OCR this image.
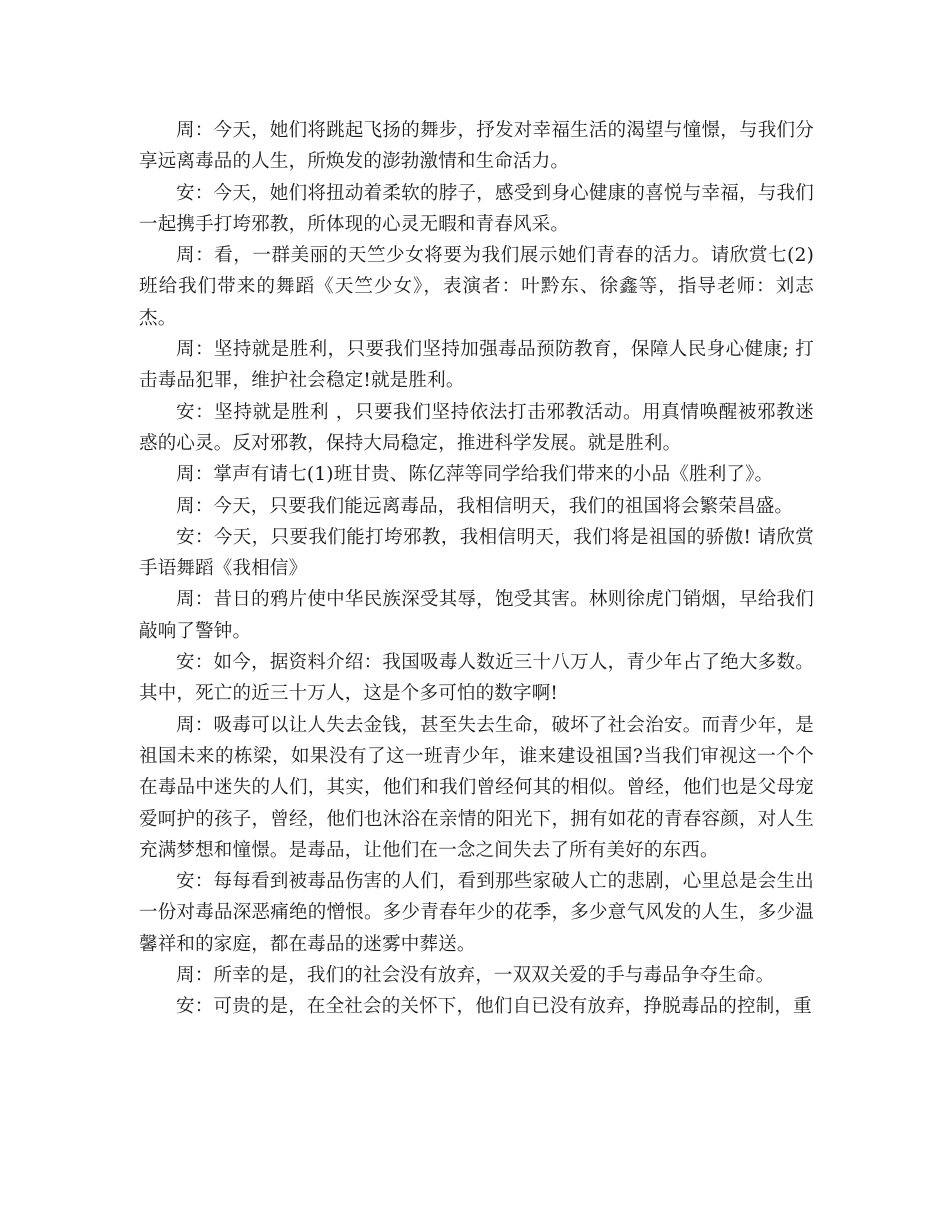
周：今天，她们将跳起飞扬的舞步，抒发对幸福生活的渴望与憧憬，与我们分享远离毒品的人生，所焕发的澎勃激情和生命活力。

安：今天，她们将扭动着柔软的脖子，感受到身心健康的喜悦与幸福，与我们一起携手打垮邪教，所体现的心灵无暇和青春风采。

周：看，一群美丽的天竺少女将要为我们展示她们青春的活力。请欣赏七(2)班给我们带来的舞蹈《天竺少女》，表演者：叶黔东、徐鑫等，指导老师：刘志杰。

周：坚持就是胜利，只要我们坚持加强毒品预防教育，保障人民身心健康; 打击毒品犯罪，维护社会稳定!就是胜利。

安：坚持就是胜利 ，只要我们坚持依法打击邪教活动。用真情唤醒被邪教迷惑的心灵。反对邪教，保持大局稳定，推进科学发展。就是胜利。

周：掌声有请七(1)班甘贵、陈亿萍等同学给我们带来的小品《胜利了》。

周：今天，只要我们能远离毒品，我相信明天，我们的祖国将会繁荣昌盛。

安：今天，只要我们能打垮邪教，我相信明天，我们将是祖国的骄傲! 请欣赏手语舞蹈《我相信》

周：昔日的鸦片使中华民族深受其辱，饱受其害。林则徐虎门销烟，早给我们敲响了警钟。

安：如今，据资料介绍：我国吸毒人数近三十八万人，青少年占了绝大多数。其中，死亡的近三十万人，这是个多可怕的数字啊!

周：吸毒可以让人失去金钱，甚至失去生命，破坏了社会治安。而青少年，是祖国未来的栋梁，如果没有了这一班青少年，谁来建设祖国?当我们审视这一个个在毒品中迷失的人们，其实，他们和我们曾经何其的相似。曾经，他们也是父母宠爱呵护的孩子，曾经，他们也沐浴在亲情的阳光下，拥有如花的青春容颜，对人生充满梦想和憧憬。是毒品，让他们在一念之间失去了所有美好的东西。

安：每每看到被毒品伤害的人们，看到那些家破人亡的悲剧，心里总是会生出一份对毒品深恶痛绝的憎恨。多少青春年少的花季，多少意气风发的人生，多少温馨祥和的家庭，都在毒品的迷雾中葬送。

周：所幸的是，我们的社会没有放弃，一双双关爱的手与毒品争夺生命。

安：可贵的是，在全社会的关怀下，他们自已没有放弃，挣脱毒品的控制，重
